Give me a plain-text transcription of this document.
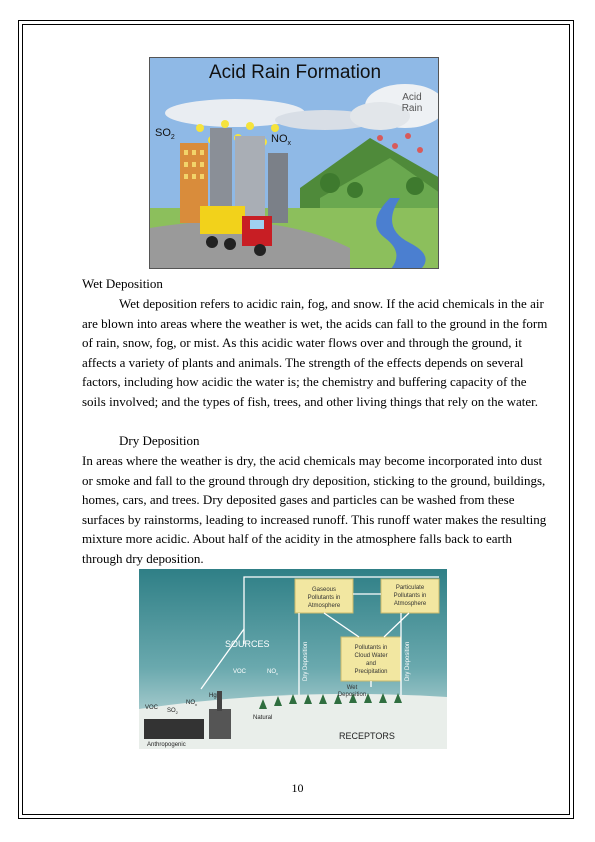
Acid Rain Formation
$SO_2$	$NO_x$
Acid
Rain

Wet Deposition

Wet deposition refers to acidic rain, fog, and snow. If the acid chemicals in the air are blown into areas where the weather is wet, the acids can fall to the ground in the form of rain, snow, fog, or mist. As this acidic water flows over and through the ground, it affects a variety of plants and animals. The strength of the effects depends on several factors, including how acidic the water is; the chemistry and buffering capacity of the soils involved; and the types of fish, trees, and other living things that rely on the water.

Dry Deposition

In areas where the weather is dry, the acid chemicals may become incorporated into dust or smoke and fall to the ground through dry deposition, sticking to the ground, buildings, homes, cars, and trees. Dry deposited gases and particles can be washed from these surfaces by rainstorms, leading to increased runoff. This runoff water makes the resulting mixture more acidic. About half of the acidity in the atmosphere falls back to earth through dry deposition.

Gaseous
Pollutants in
Atmosphere
Particulate
Pollutants in
Atmosphere
Pollutants in
Cloud Water
and
Precipitation
Dry Deposition	Dry Deposition
Wet
Deposition
SOURCES
RECEPTORS
VOC $SO_2$
$NO_x$
VOC	$NO_x$
Hg
Natural
Anthropogenic
10
